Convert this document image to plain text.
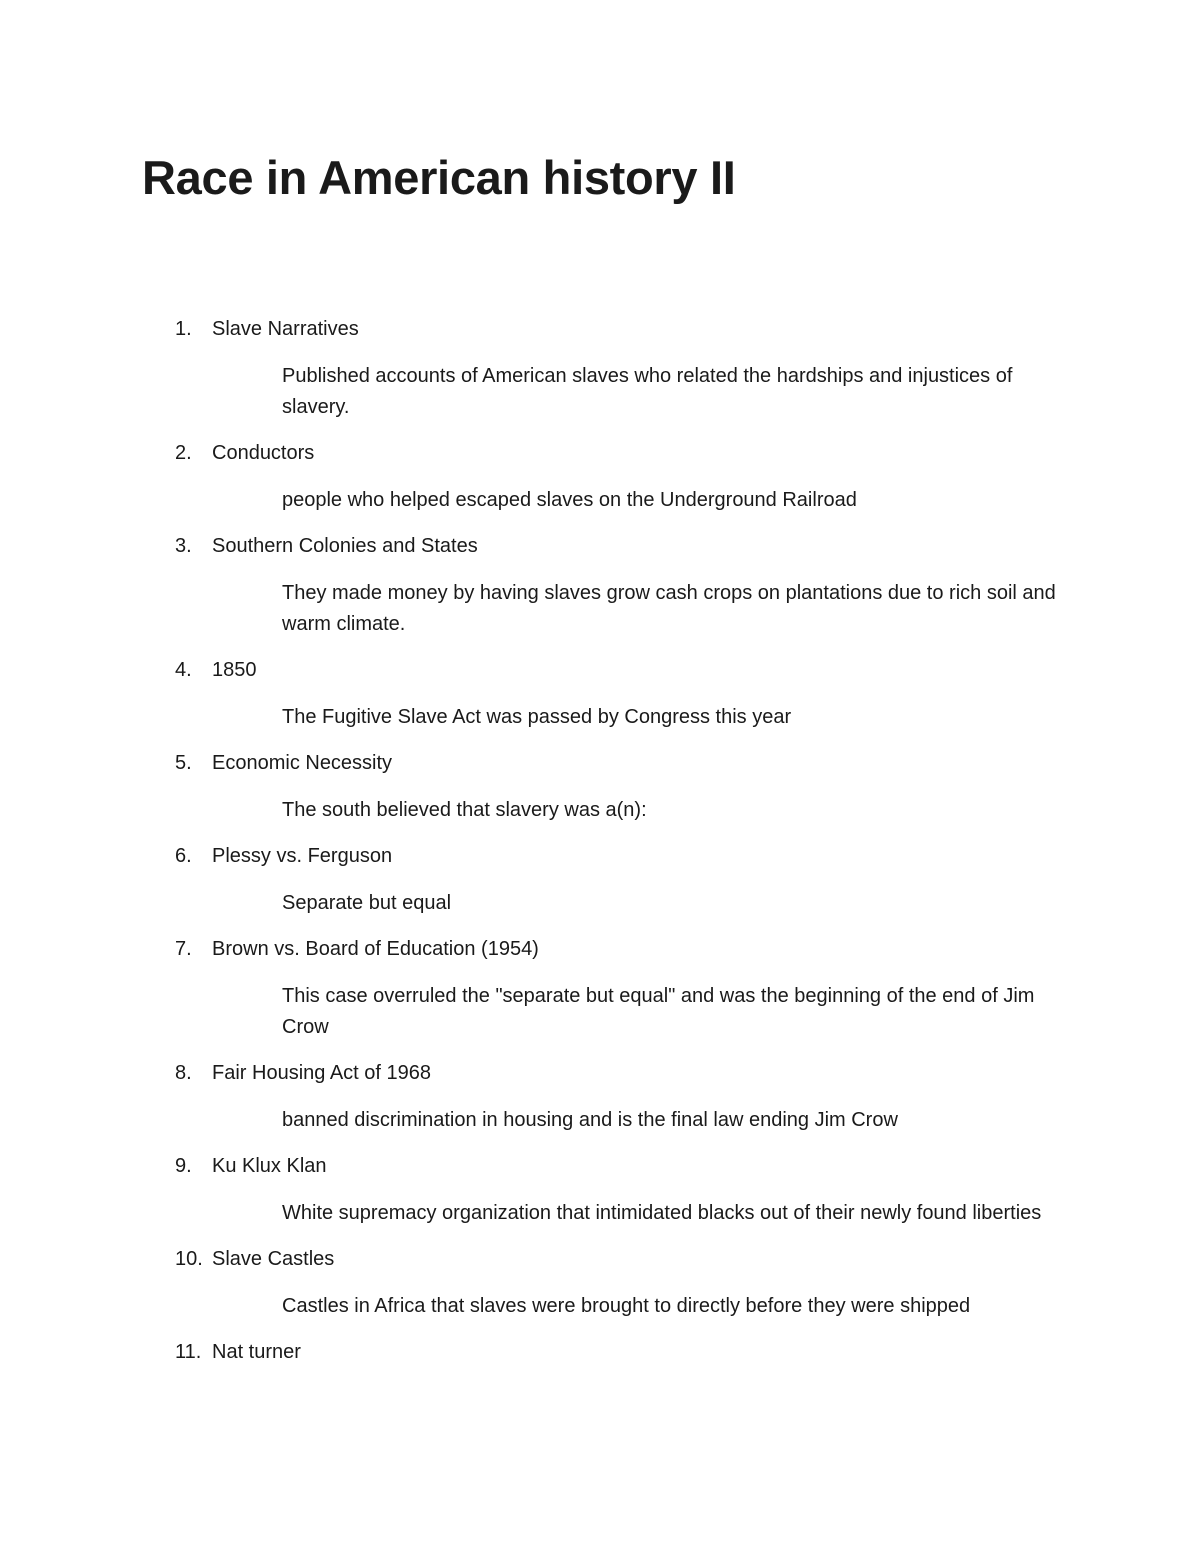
Race in American history II
1. Slave Narratives
Published accounts of American slaves who related the hardships and injustices of slavery.
2. Conductors
people who helped escaped slaves on the Underground Railroad
3. Southern Colonies and States
They made money by having slaves grow cash crops on plantations due to rich soil and warm climate.
4. 1850
The Fugitive Slave Act was passed by Congress this year
5. Economic Necessity
The south believed that slavery was a(n):
6. Plessy vs. Ferguson
Separate but equal
7. Brown vs. Board of Education (1954)
This case overruled the "separate but equal" and was the beginning of the end of Jim Crow
8. Fair Housing Act of 1968
banned discrimination in housing and is the final law ending Jim Crow
9. Ku Klux Klan
White supremacy organization that intimidated blacks out of their newly found liberties
10. Slave Castles
Castles in Africa that slaves were brought to directly before they were shipped
11. Nat turner
